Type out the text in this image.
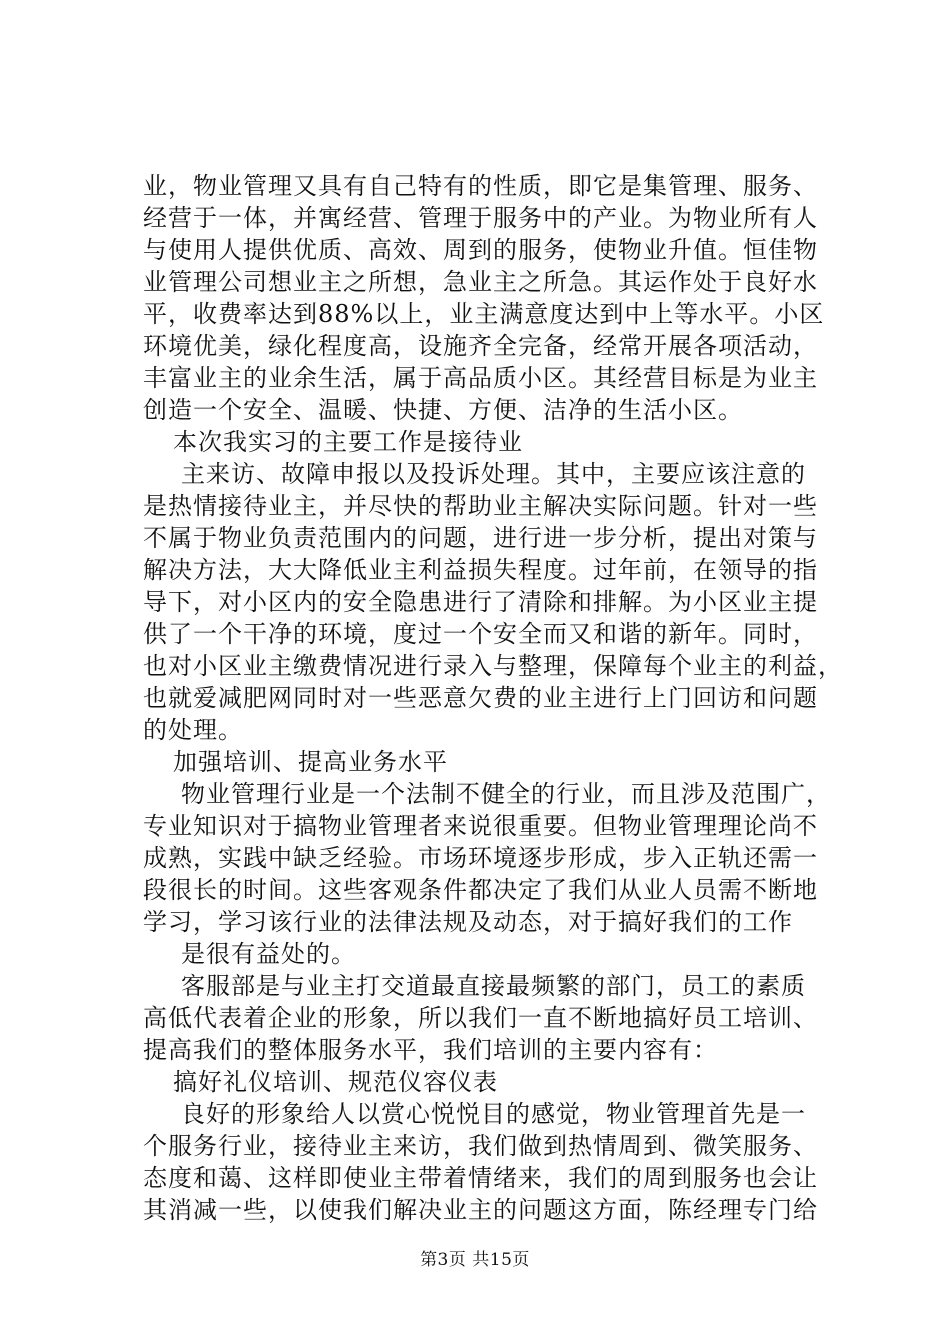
业，物业管理又具有自己特有的性质，即它是集管理、服务、
经营于一体，并寓经营、管理于服务中的产业。为物业所有人
与使用人提供优质、高效、周到的服务，使物业升值。恒佳物
业管理公司想业主之所想，急业主之所急。其运作处于良好水
平，收费率达到88%以上，业主满意度达到中上等水平。小区
环境优美，绿化程度高，设施齐全完备，经常开展各项活动，
丰富业主的业余生活，属于高品质小区。其经营目标是为业主
创造一个安全、温暖、快捷、方便、洁净的生活小区。
本次我实习的主要工作是接待业
主来访、故障申报以及投诉处理。其中，主要应该注意的
是热情接待业主，并尽快的帮助业主解决实际问题。针对一些
不属于物业负责范围内的问题，进行进一步分析，提出对策与
解决方法，大大降低业主利益损失程度。过年前，在领导的指
导下，对小区内的安全隐患进行了清除和排解。为小区业主提
供了一个干净的环境，度过一个安全而又和谐的新年。同时，
也对小区业主缴费情况进行录入与整理，保障每个业主的利益，
也就爱减肥网同时对一些恶意欠费的业主进行上门回访和问题
的处理。
加强培训、提高业务水平
物业管理行业是一个法制不健全的行业，而且涉及范围广，
专业知识对于搞物业管理者来说很重要。但物业管理理论尚不
成熟，实践中缺乏经验。市场环境逐步形成，步入正轨还需一
段很长的时间。这些客观条件都决定了我们从业人员需不断地
学习，学习该行业的法律法规及动态，对于搞好我们的工作
是很有益处的。
客服部是与业主打交道最直接最频繁的部门，员工的素质
高低代表着企业的形象，所以我们一直不断地搞好员工培训、
提高我们的整体服务水平，我们培训的主要内容有：
搞好礼仪培训、规范仪容仪表
良好的形象给人以赏心悦悦目的感觉，物业管理首先是一
个服务行业，接待业主来访，我们做到热情周到、微笑服务、
态度和蔼、这样即使业主带着情绪来，我们的周到服务也会让
其消减一些，以使我们解决业主的问题这方面，陈经理专门给
第3页 共15页
